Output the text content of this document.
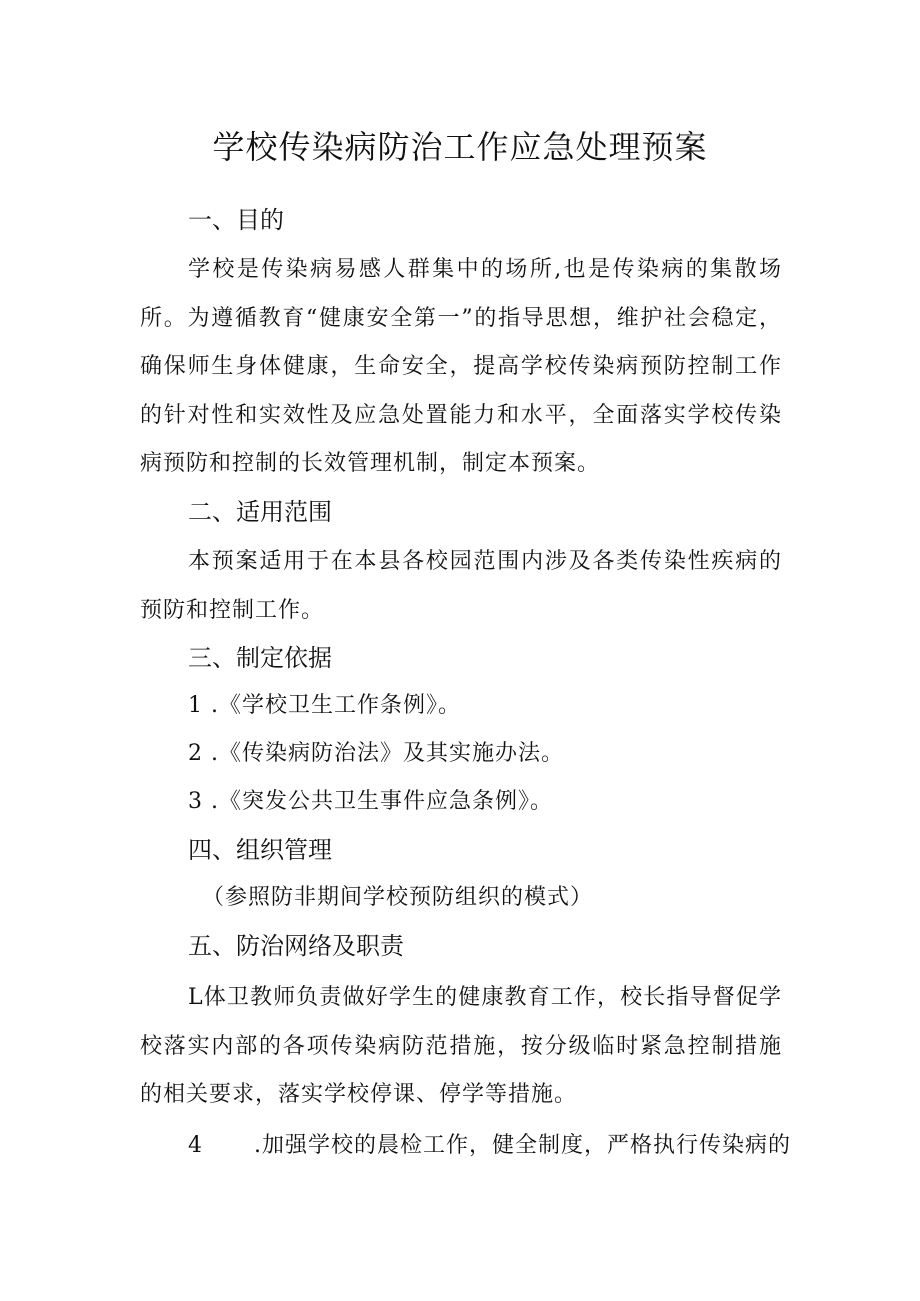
学校传染病防治工作应急处理预案
一、目的

学校是传染病易感人群集中的场所,也是传染病的集散场所。为遵循教育“健康安全第一”的指导思想，维护社会稳定，确保师生身体健康，生命安全，提高学校传染病预防控制工作的针对性和实效性及应急处置能力和水平，全面落实学校传染病预防和控制的长效管理机制，制定本预案。

二、适用范围

本预案适用于在本县各校园范围内涉及各类传染性疾病的预防和控制工作。

三、制定依据

1 .《学校卫生工作条例》。

2 .《传染病防治法》及其实施办法。

3 .《突发公共卫生事件应急条例》。

四、组织管理

（参照防非期间学校预防组织的模式）

五、防治网络及职责

L体卫教师负责做好学生的健康教育工作，校长指导督促学校落实内部的各项传染病防范措施，按分级临时紧急控制措施的相关要求，落实学校停课、停学等措施。

4 .加强学校的晨检工作，健全制度，严格执行传染病的
